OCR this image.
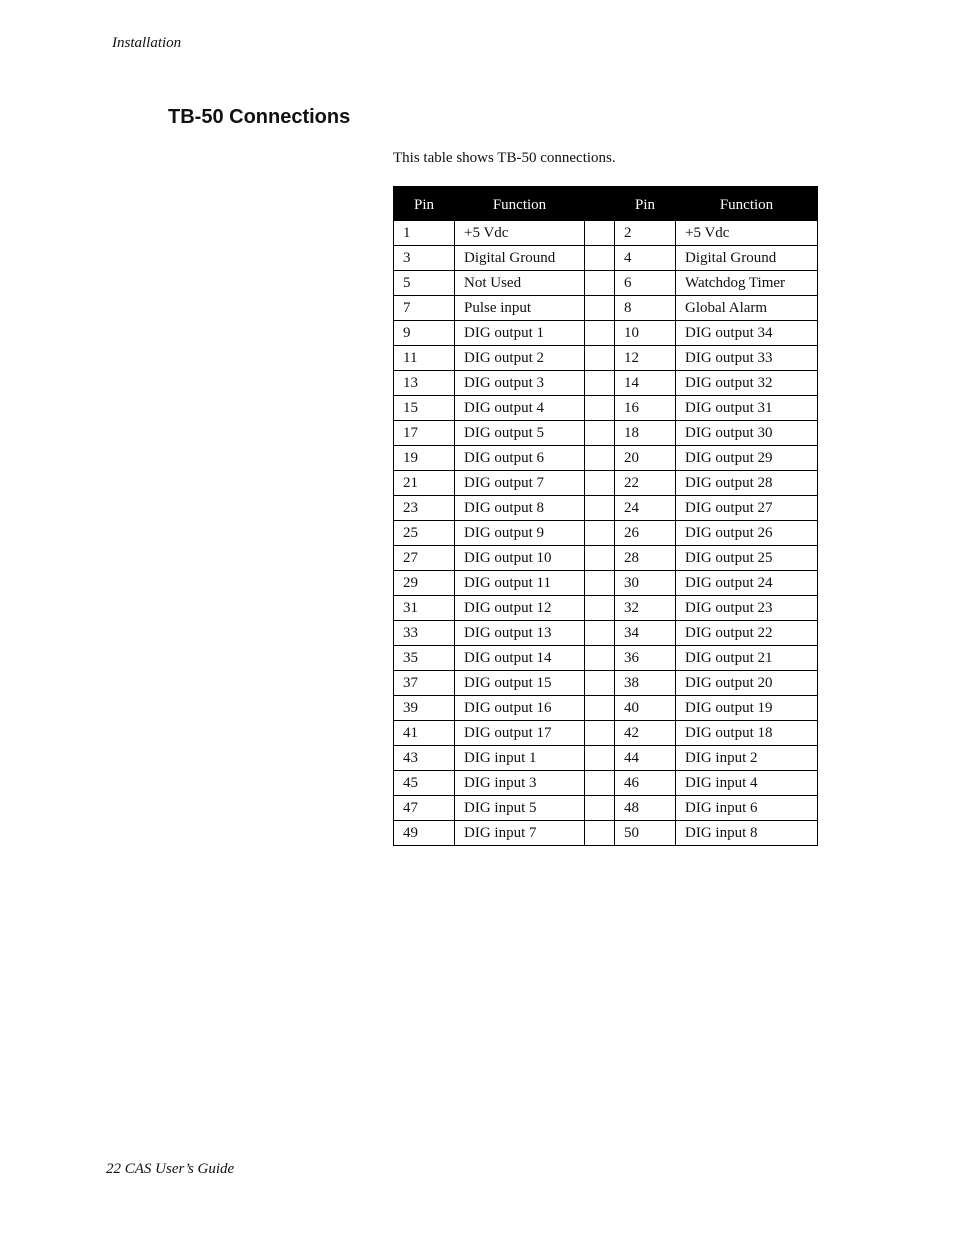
Installation
TB-50 Connections

This table shows TB-50 connections.

Pin	Function		Pin	Function
1	+5 Vdc		2	+5 Vdc
3	Digital Ground		4	Digital Ground
5	Not Used		6	Watchdog Timer
7	Pulse input		8	Global Alarm
9	DIG output 1		10	DIG output 34
11	DIG output 2		12	DIG output 33
13	DIG output 3		14	DIG output 32
15	DIG output 4		16	DIG output 31
17	DIG output 5		18	DIG output 30
19	DIG output 6		20	DIG output 29
21	DIG output 7		22	DIG output 28
23	DIG output 8		24	DIG output 27
25	DIG output 9		26	DIG output 26
27	DIG output 10		28	DIG output 25
29	DIG output 11		30	DIG output 24
31	DIG output 12		32	DIG output 23
33	DIG output 13		34	DIG output 22
35	DIG output 14		36	DIG output 21
37	DIG output 15		38	DIG output 20
39	DIG output 16		40	DIG output 19
41	DIG output 17		42	DIG output 18
43	DIG input 1		44	DIG input 2
45	DIG input 3		46	DIG input 4
47	DIG input 5		48	DIG input 6
49	DIG input 7		50	DIG input 8
22 CAS User’s Guide
